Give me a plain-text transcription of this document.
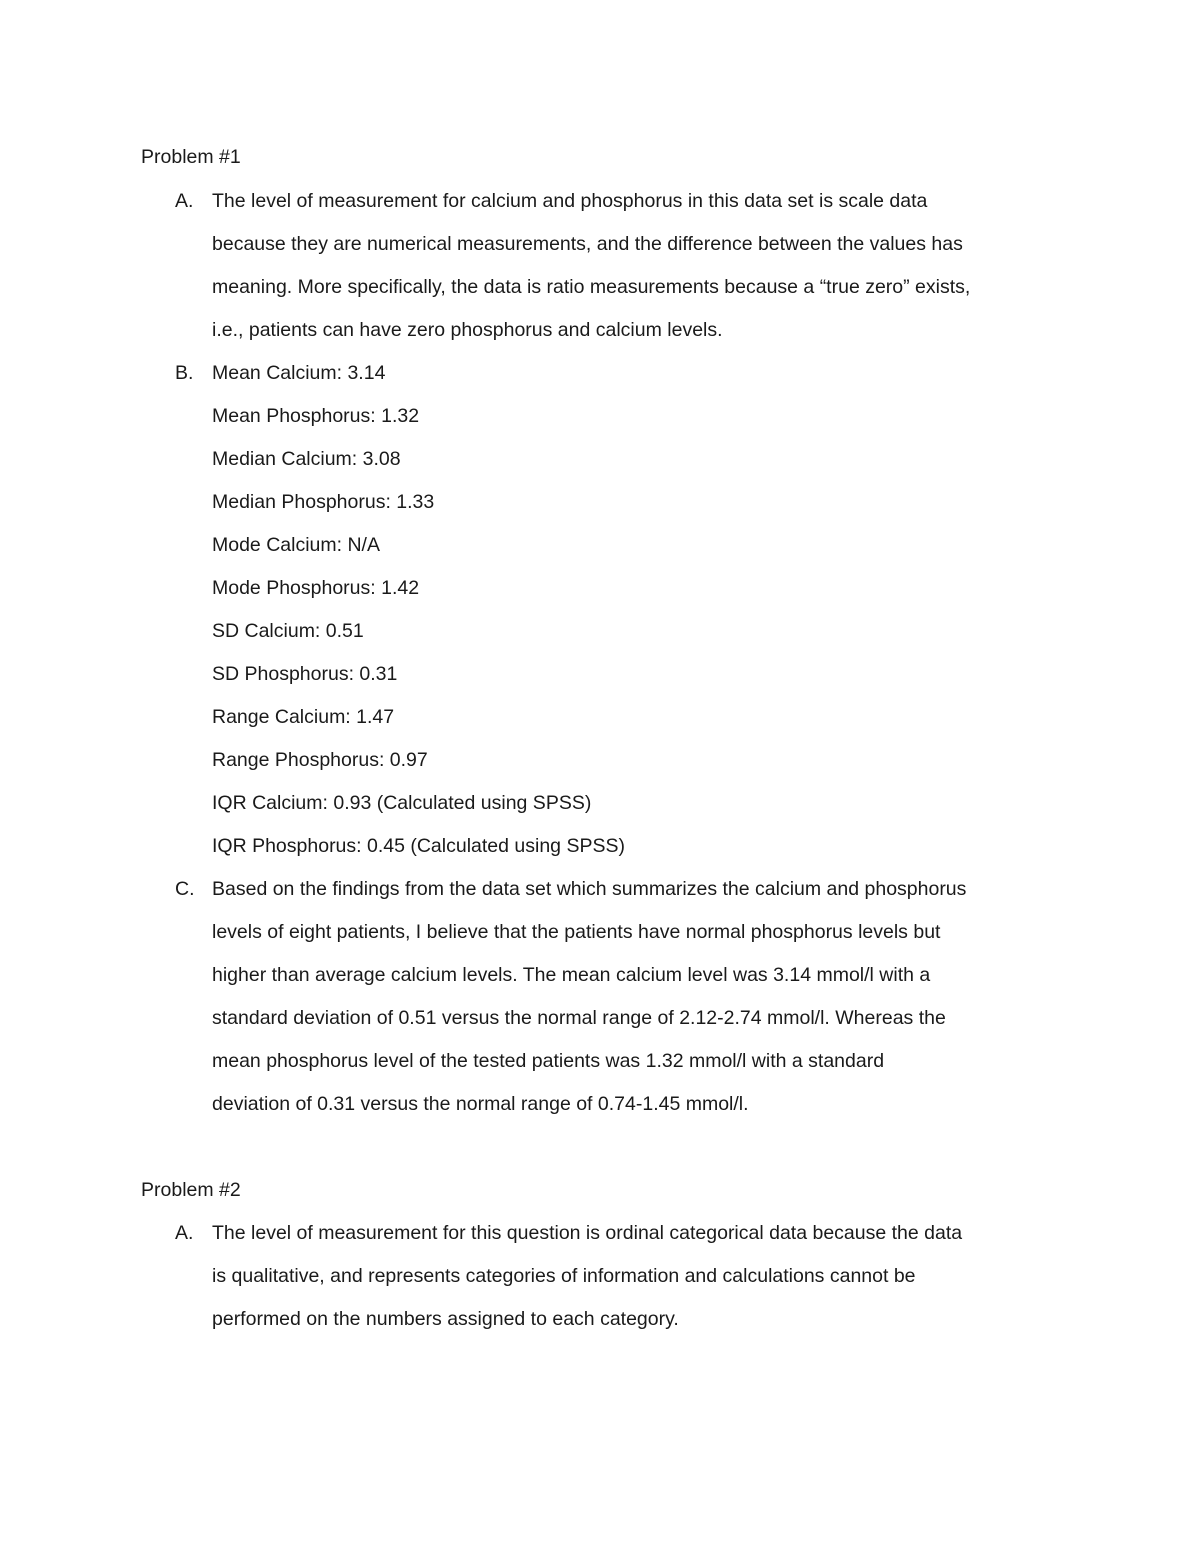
Problem #1
A. The level of measurement for calcium and phosphorus in this data set is scale data
because they are numerical measurements, and the difference between the values has
meaning. More specifically, the data is ratio measurements because a “true zero” exists,
i.e., patients can have zero phosphorus and calcium levels.
B. Mean Calcium: 3.14
Mean Phosphorus: 1.32
Median Calcium: 3.08
Median Phosphorus: 1.33
Mode Calcium: N/A
Mode Phosphorus: 1.42
SD Calcium: 0.51
SD Phosphorus: 0.31
Range Calcium: 1.47
Range Phosphorus: 0.97
IQR Calcium: 0.93 (Calculated using SPSS)
IQR Phosphorus: 0.45 (Calculated using SPSS)
C. Based on the findings from the data set which summarizes the calcium and phosphorus
levels of eight patients, I believe that the patients have normal phosphorus levels but
higher than average calcium levels. The mean calcium level was 3.14 mmol/l with a
standard deviation of 0.51 versus the normal range of 2.12-2.74 mmol/l. Whereas the
mean phosphorus level of the tested patients was 1.32 mmol/l with a standard
deviation of 0.31 versus the normal range of 0.74-1.45 mmol/l.
Problem #2
A. The level of measurement for this question is ordinal categorical data because the data
is qualitative, and represents categories of information and calculations cannot be
performed on the numbers assigned to each category.
